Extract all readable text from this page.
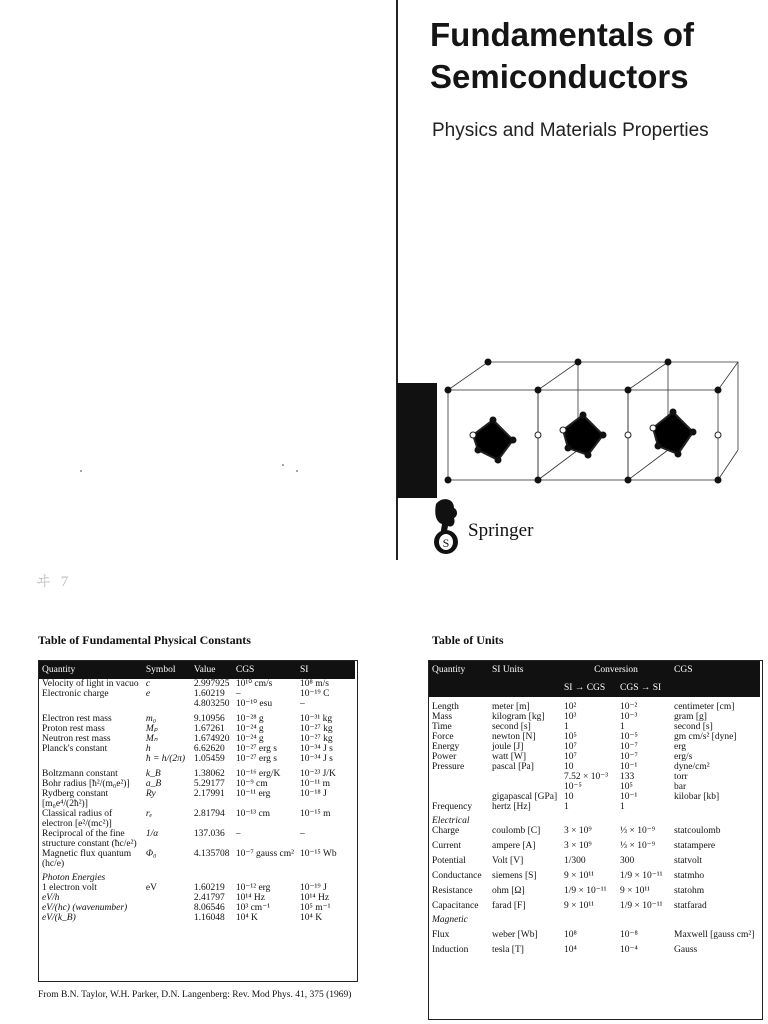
Fundamentals of
Semiconductors
Physics and Materials Properties
S
Springer
ヰ 7
Table of Fundamental Physical Constants
Quantity	Symbol	Value	CGS	SI
Velocity of light in vacuo	c	2.997925	10¹⁰ cm/s	10⁸ m/s
Electronic charge	e	1.60219	–	10⁻¹⁹ C
		4.803250	10⁻¹⁰ esu	–
Electron rest mass	m₀	9.10956	10⁻²⁸ g	10⁻³¹ kg
Proton rest mass	Mₚ	1.67261	10⁻²⁴ g	10⁻²⁷ kg
Neutron rest mass	Mₙ	1.674920	10⁻²⁴ g	10⁻²⁷ kg
Planck's constant	h	6.62620	10⁻²⁷ erg s	10⁻³⁴ J s
	ħ = h/(2π)	1.05459	10⁻²⁷ erg s	10⁻³⁴ J s
Boltzmann constant	k_B	1.38062	10⁻¹⁶ erg/K	10⁻²³ J/K
Bohr radius [ħ²/(m₀e²)]	a_B	5.29177	10⁻⁹ cm	10⁻¹¹ m
Rydberg constant [m₀e⁴/(2ħ²)]	Ry	2.17991	10⁻¹¹ erg	10⁻¹⁸ J
Classical radius of electron [e²/(mc²)]	rₑ	2.81794	10⁻¹³ cm	10⁻¹⁵ m
Reciprocal of the fine structure constant (ħc/e²)	1/α	137.036	–	–
Magnetic flux quantum (hc/e)	Φ₀	4.135708	10⁻⁷ gauss cm²	10⁻¹⁵ Wb
Photon Energies				
1 electron volt	eV	1.60219	10⁻¹² erg	10⁻¹⁹ J
eV/h		2.41797	10¹⁴ Hz	10¹⁴ Hz
eV/(hc) (wavenumber)		8.06546	10³ cm⁻¹	10⁵ m⁻¹
eV/(k_B)		1.16048	10⁴ K	10⁴ K
From B.N. Taylor, W.H. Parker, D.N. Langenberg: Rev. Mod Phys. 41, 375 (1969)
Table of Units
Quantity	SI Units	Conversion		CGS
		SI → CGS	CGS → SI	
Length	meter [m]	10²	10⁻²	centimeter [cm]
Mass	kilogram [kg]	10³	10⁻³	gram [g]
Time	second [s]	1	1	second [s]
Force	newton [N]	10⁵	10⁻⁵	gm cm/s² [dyne]
Energy	joule [J]	10⁷	10⁻⁷	erg
Power	watt [W]	10⁷	10⁻⁷	erg/s
Pressure	pascal [Pa]	10	10⁻¹	dyne/cm²
		7.52 × 10⁻³	133	torr
		10⁻⁵	10⁵	bar
	gigapascal [GPa]	10	10⁻¹	kilobar [kb]
Frequency	hertz [Hz]	1	1	
Electrical				
Charge	coulomb [C]	3 × 10⁹	⅓ × 10⁻⁹	statcoulomb
Current	ampere [A]	3 × 10⁹	⅓ × 10⁻⁹	statampere
Potential	Volt [V]	1/300	300	statvolt
Conductance	siemens [S]	9 × 10¹¹	1/9 × 10⁻¹¹	statmho
Resistance	ohm [Ω]	1/9 × 10⁻¹¹	9 × 10¹¹	statohm
Capacitance	farad [F]	9 × 10¹¹	1/9 × 10⁻¹¹	statfarad
Magnetic				
Flux	weber [Wb]	10⁸	10⁻⁸	Maxwell [gauss cm²]
Induction	tesla [T]	10⁴	10⁻⁴	Gauss
